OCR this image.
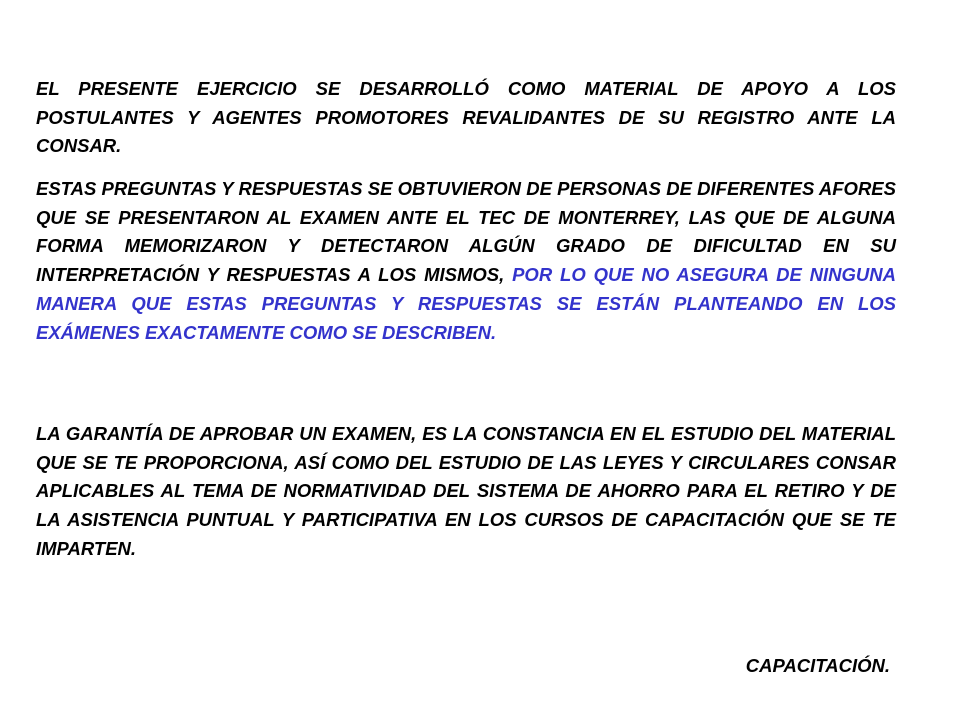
EL PRESENTE EJERCICIO SE DESARROLLÓ COMO MATERIAL DE APOYO A LOS POSTULANTES Y AGENTES PROMOTORES REVALIDANTES DE SU REGISTRO ANTE LA CONSAR.

ESTAS PREGUNTAS Y RESPUESTAS SE OBTUVIERON DE PERSONAS DE DIFERENTES AFORES QUE SE PRESENTARON AL EXAMEN ANTE EL TEC DE MONTERREY, LAS QUE DE ALGUNA FORMA MEMORIZARON Y DETECTARON ALGÚN GRADO DE DIFICULTAD EN SU INTERPRETACIÓN Y RESPUESTAS A LOS MISMOS, POR LO QUE NO ASEGURA DE NINGUNA MANERA QUE ESTAS PREGUNTAS Y RESPUESTAS SE ESTÁN PLANTEANDO EN LOS EXÁMENES EXACTAMENTE COMO SE DESCRIBEN.

LA GARANTÍA DE APROBAR UN EXAMEN, ES LA CONSTANCIA EN EL ESTUDIO DEL MATERIAL QUE SE TE PROPORCIONA, ASÍ COMO DEL ESTUDIO DE LAS LEYES Y CIRCULARES CONSAR APLICABLES AL TEMA DE NORMATIVIDAD DEL SISTEMA DE AHORRO PARA EL RETIRO Y DE LA ASISTENCIA PUNTUAL Y PARTICIPATIVA EN LOS CURSOS DE CAPACITACIÓN QUE SE TE IMPARTEN.

CAPACITACIÓN.
